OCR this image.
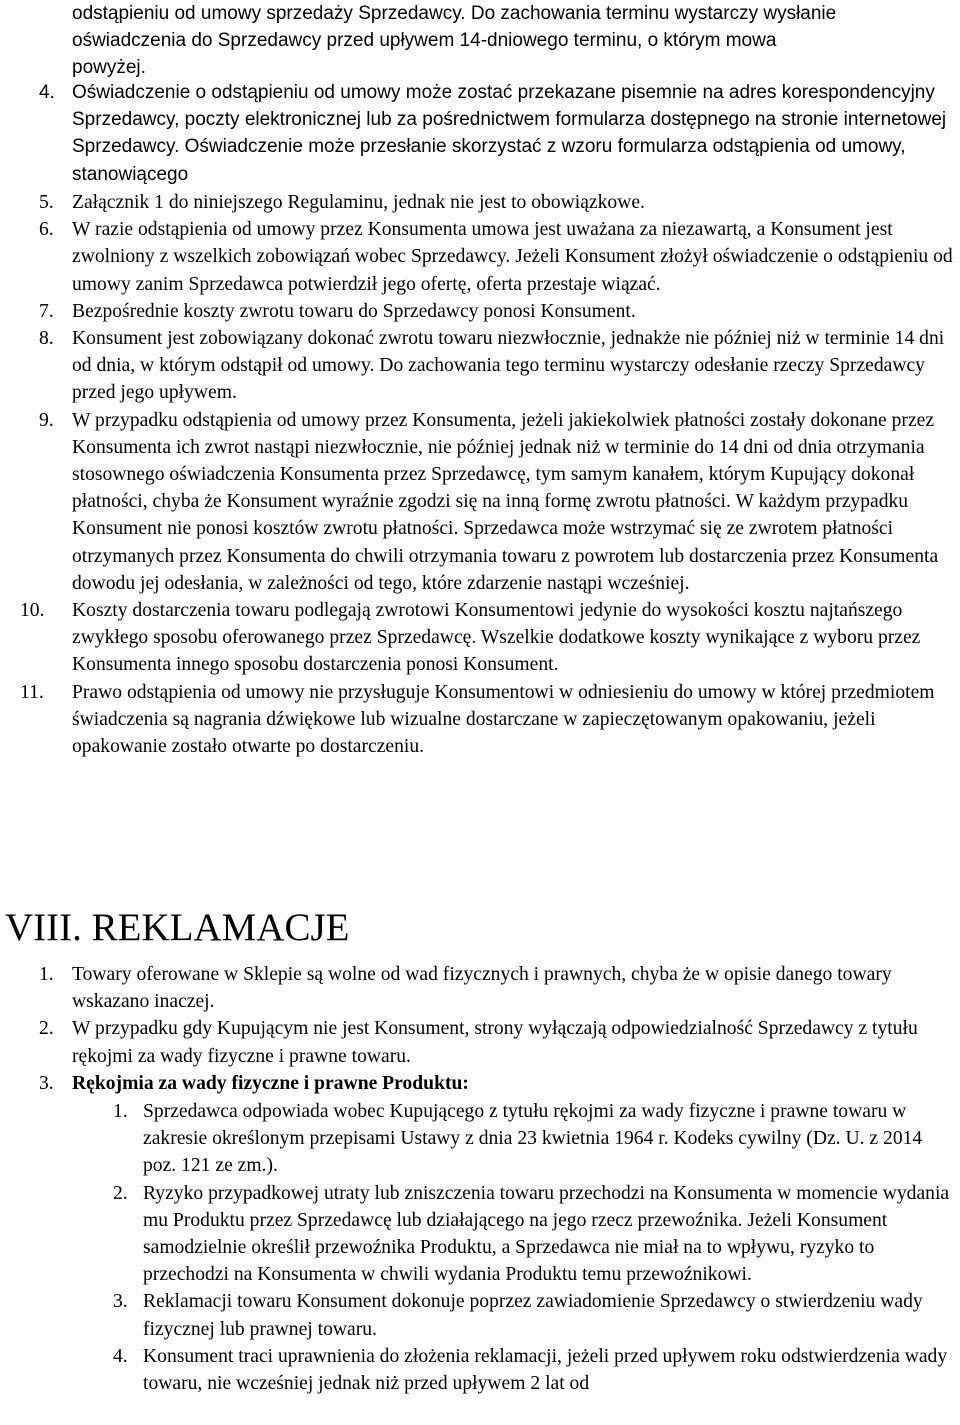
odstąpieniu od umowy sprzedaży Sprzedawcy. Do zachowania terminu wystarczy wysłanie
oświadczenia do Sprzedawcy przed upływem 14-dniowego terminu, o którym mowa
powyżej.
4. Oświadczenie o odstąpieniu od umowy może zostać przekazane pisemnie na adres korespondencyjny Sprzedawcy, poczty elektronicznej lub za pośrednictwem formularza dostępnego na stronie internetowej Sprzedawcy. Oświadczenie może przesłanie skorzystać z wzoru formularza odstąpienia od umowy, stanowiącego
5. Załącznik 1 do niniejszego Regulaminu, jednak nie jest to obowiązkowe.
6. W razie odstąpienia od umowy przez Konsumenta umowa jest uważana za niezawartą, a Konsument jest zwolniony z wszelkich zobowiązań wobec Sprzedawcy. Jeżeli Konsument złożył oświadczenie o odstąpieniu od umowy zanim Sprzedawca potwierdził jego ofertę, oferta przestaje wiązać.
7. Bezpośrednie koszty zwrotu towaru do Sprzedawcy ponosi Konsument.
8. Konsument jest zobowiązany dokonać zwrotu towaru niezwłocznie, jednakże nie później niż w terminie 14 dni od dnia, w którym odstąpił od umowy. Do zachowania tego terminu wystarczy odesłanie rzeczy Sprzedawcy przed jego upływem.
9. W przypadku odstąpienia od umowy przez Konsumenta, jeżeli jakiekolwiek płatności zostały dokonane przez Konsumenta ich zwrot nastąpi niezwłocznie, nie później jednak niż w terminie do 14 dni od dnia otrzymania stosownego oświadczenia Konsumenta przez Sprzedawcę, tym samym kanałem, którym Kupujący dokonał płatności, chyba że Konsument wyraźnie zgodzi się na inną formę zwrotu płatności. W każdym przypadku Konsument nie ponosi kosztów zwrotu płatności. Sprzedawca może wstrzymać się ze zwrotem płatności otrzymanych przez Konsumenta do chwili otrzymania towaru z powrotem lub dostarczenia przez Konsumenta dowodu jej odesłania, w zależności od tego, które zdarzenie nastąpi wcześniej.
10. Koszty dostarczenia towaru podlegają zwrotowi Konsumentowi jedynie do wysokości kosztu najtańszego zwykłego sposobu oferowanego przez Sprzedawcę. Wszelkie dodatkowe koszty wynikające z wyboru przez Konsumenta innego sposobu dostarczenia ponosi Konsument.
11. Prawo odstąpienia od umowy nie przysługuje Konsumentowi w odniesieniu do umowy w której przedmiotem świadczenia są nagrania dźwiękowe lub wizualne dostarczane w zapieczętowanym opakowaniu, jeżeli opakowanie zostało otwarte po dostarczeniu.
VIII. REKLAMACJE
1. Towary oferowane w Sklepie są wolne od wad fizycznych i prawnych, chyba że w opisie danego towary wskazano inaczej.
2. W przypadku gdy Kupującym nie jest Konsument, strony wyłączają odpowiedzialność Sprzedawcy z tytułu rękojmi za wady fizyczne i prawne towaru.
3. Rękojmia za wady fizyczne i prawne Produktu:
1. Sprzedawca odpowiada wobec Kupującego z tytułu rękojmi za wady fizyczne i prawne towaru w zakresie określonym przepisami Ustawy z dnia 23 kwietnia 1964 r. Kodeks cywilny (Dz. U. z 2014 poz. 121 ze zm.).
2. Ryzyko przypadkowej utraty lub zniszczenia towaru przechodzi na Konsumenta w momencie wydania mu Produktu przez Sprzedawcę lub działającego na jego rzecz przewoźnika. Jeżeli Konsument samodzielnie określił przewoźnika Produktu, a Sprzedawca nie miał na to wpływu, ryzyko to przechodzi na Konsumenta w chwili wydania Produktu temu przewoźnikowi.
3. Reklamacji towaru Konsument dokonuje poprzez zawiadomienie Sprzedawcy o stwierdzeniu wady fizycznej lub prawnej towaru.
4. Konsument traci uprawnienia do złożenia reklamacji, jeżeli przed upływem roku odstwierdzenia wady towaru, nie wcześniej jednak niż przed upływem 2 lat od
